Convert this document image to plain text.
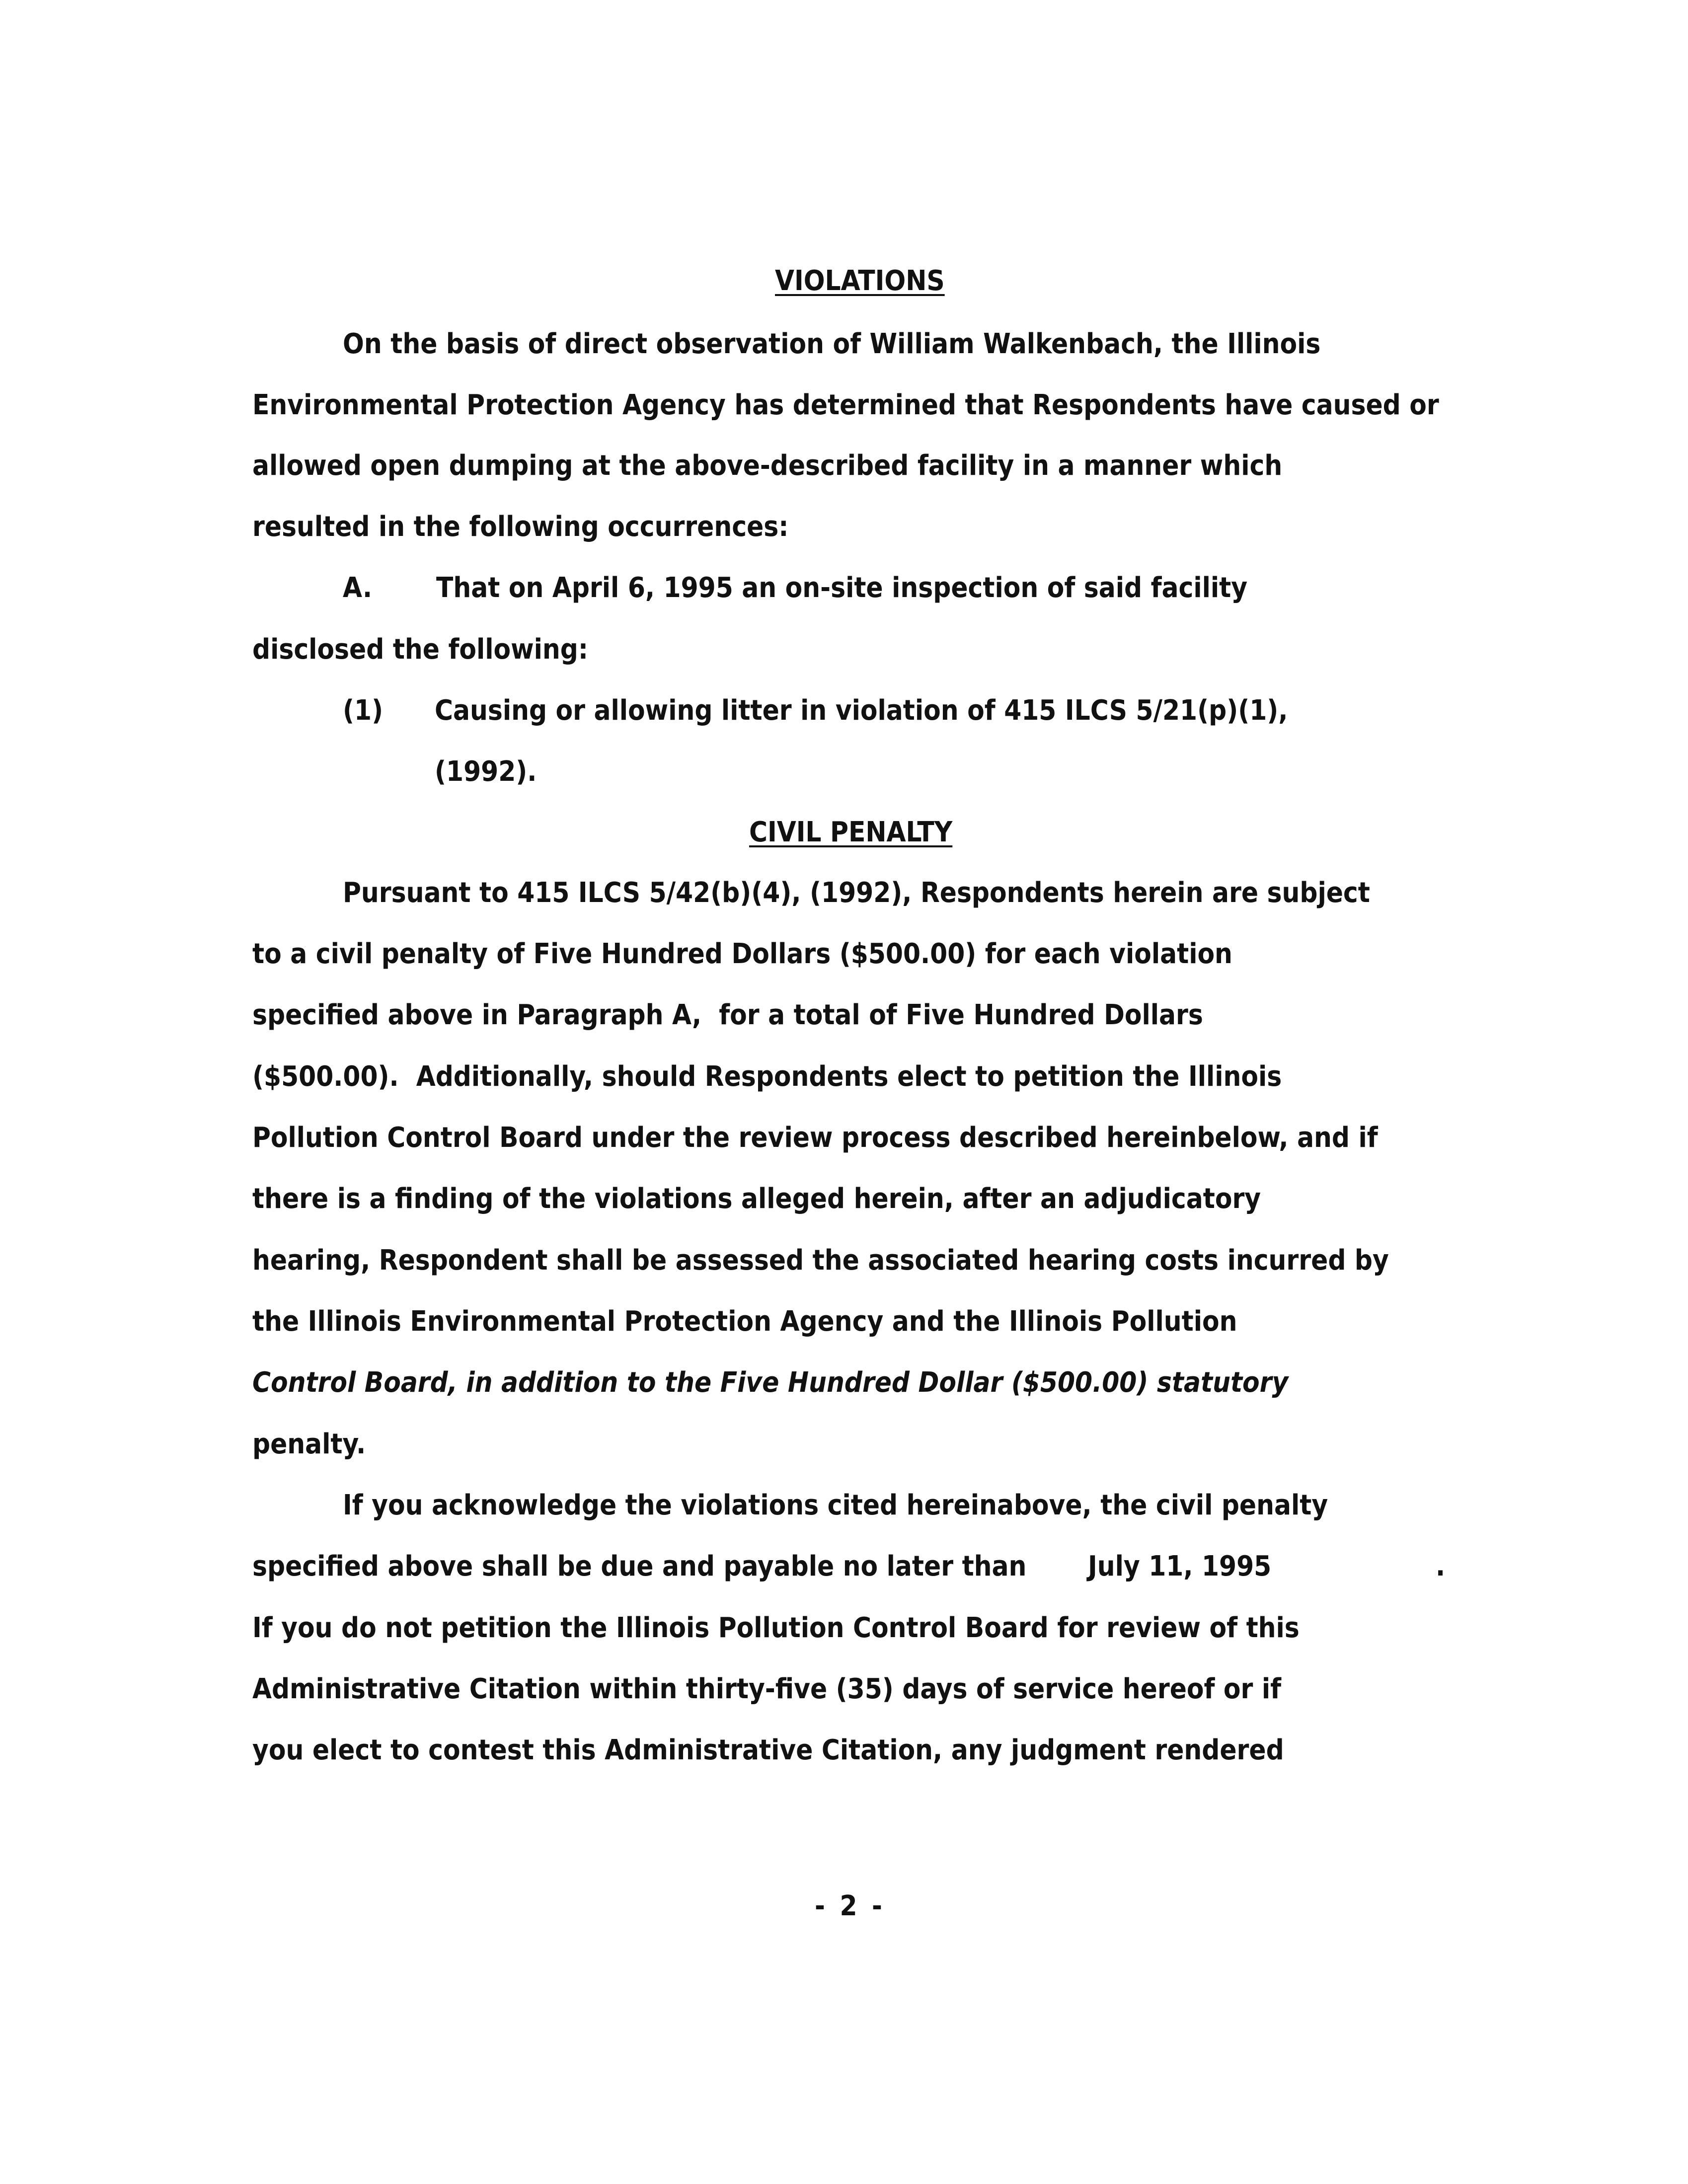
VIOLATIONS
On the basis of direct observation of William Walkenbach, the Illinois
Environmental Protection Agency has determined that Respondents have caused or
allowed open dumping at the above-described facility in a manner which
resulted in the following occurrences:
A. That on April 6, 1995 an on-site inspection of said facility
disclosed the following:
(1) Causing or allowing litter in violation of 415 ILCS 5/21(p)(1),
(1992).
CIVIL PENALTY
Pursuant to 415 ILCS 5/42(b)(4), (1992), Respondents herein are subject
to a civil penalty of Five Hundred Dollars ($500.00) for each violation
specified above in Paragraph A,  for a total of Five Hundred Dollars
($500.00).  Additionally, should Respondents elect to petition the Illinois
Pollution Control Board under the review process described hereinbelow, and if
there is a finding of the violations alleged herein, after an adjudicatory
hearing, Respondent shall be assessed the associated hearing costs incurred by
the Illinois Environmental Protection Agency and the Illinois Pollution
Control Board, in addition to the Five Hundred Dollar ($500.00) statutory
penalty.
If you acknowledge the violations cited hereinabove, the civil penalty
specified above shall be due and payable no later than July 11, 1995	.
If you do not petition the Illinois Pollution Control Board for review of this
Administrative Citation within thirty-five (35) days of service hereof or if
you elect to contest this Administrative Citation, any judgment rendered
- 2 -
